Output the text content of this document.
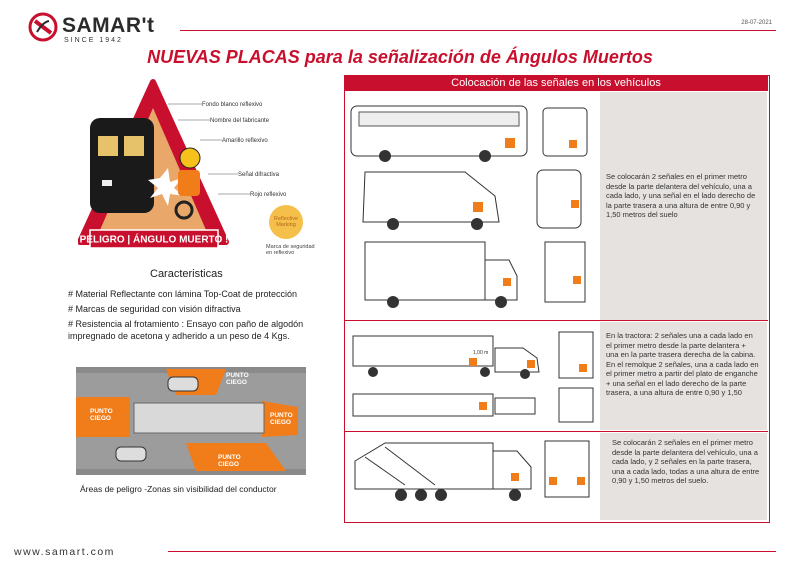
SAMAR't
SINCE 1942
28-07-2021
NUEVAS PLACAS para la señalización de Ángulos Muertos
PELIGRO | ÁNGULO MUERTO !
Fondo blanco reflexivo
Nombre del fabricante
Amarillo reflexivo
Señal difractiva
Rojo reflexivo
Reflective Marking
Marca de seguridad en reflexivo
Caracteristicas
# Material Reflectante con lámina Top-Coat de protección
# Marcas de seguridad con visión difractiva
# Resistencia al frotamiento : Ensayo con paño de algodón
impregnado de acetona y adherido a un peso de 4 Kgs.
PUNTO CIEGO
PUNTO CIEGO	PUNTO CIEGO
PUNTO CIEGO
Áreas de peligro -Zonas sin visibilidad del conductor
Colocación de las señales en los vehículos
Se colocarán 2 señales en el primer metro desde la parte delantera del vehículo, una a cada lado, y una señal en el lado derecho de la parte trasera a una altura de entre 0,90 y 1,50 metros del suelo
1,00 m
En la tractora: 2 señales una a cada lado en el primer metro desde la parte delantera + una en la parte trasera derecha de la cabina. En el remolque 2 señales, una a cada lado en el primer metro a partir del plato de enganche + una señal en el lado derecho de la parte trasera, a una altura de entre 0,90 y 1,50
Se colocarán 2 señales en el primer metro desde la parte delantera del vehículo, una a cada lado, y 2 señales en la parte trasera, una a cada lado, todas a una altura de entre 0,90 y 1,50 metros del suelo.
www.samart.com
